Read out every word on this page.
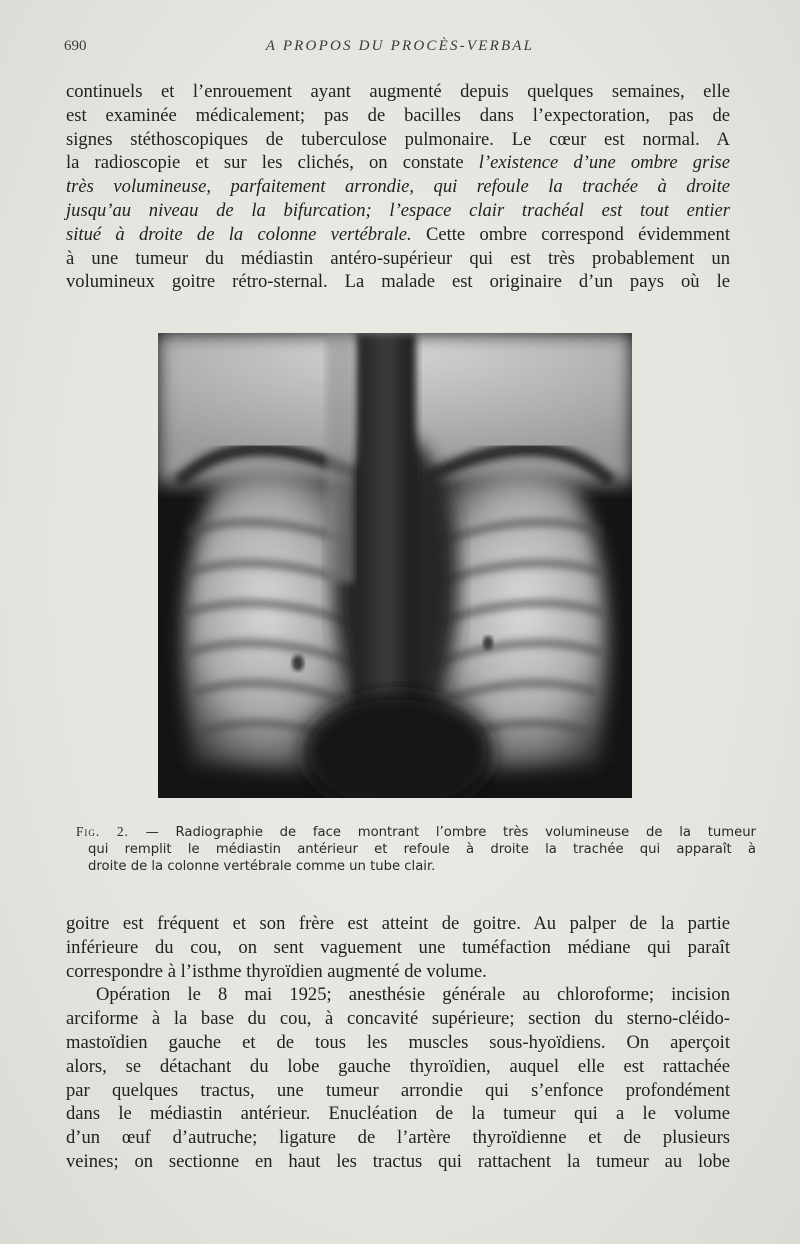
690	A PROPOS DU PROCÈS-VERBAL
continuels et l’enrouement ayant augmenté depuis quelques semaines, elle
est examinée médicalement; pas de bacilles dans l’expectoration, pas de
signes stéthoscopiques de tuberculose pulmonaire. Le cœur est normal. A
la radioscopie et sur les clichés, on constate l’existence d’une ombre grise
très volumineuse, parfaitement arrondie, qui refoule la trachée à droite
jusqu’au niveau de la bifurcation; l’espace clair trachéal est tout entier
situé à droite de la colonne vertébrale. Cette ombre correspond évidemment
à une tumeur du médiastin antéro-supérieur qui est très probablement un
volumineux goitre rétro-sternal. La malade est originaire d’un pays où le
Fig. 2. — Radiographie de face montrant l’ombre très volumineuse de la tumeur
qui remplit le médiastin antérieur et refoule à droite la trachée qui apparaît à
droite de la colonne vertébrale comme un tube clair.
goitre est fréquent et son frère est atteint de goitre. Au palper de la partie
inférieure du cou, on sent vaguement une tuméfaction médiane qui paraît
correspondre à l’isthme thyroïdien augmenté de volume.
Opération le 8 mai 1925; anesthésie générale au chloroforme; incision
arciforme à la base du cou, à concavité supérieure; section du sterno-cléido-
mastoïdien gauche et de tous les muscles sous-hyoïdiens. On aperçoit
alors, se détachant du lobe gauche thyroïdien, auquel elle est rattachée
par quelques tractus, une tumeur arrondie qui s’enfonce profondément
dans le médiastin antérieur. Enucléation de la tumeur qui a le volume
d’un œuf d’autruche; ligature de l’artère thyroïdienne et de plusieurs
veines; on sectionne en haut les tractus qui rattachent la tumeur au lobe
